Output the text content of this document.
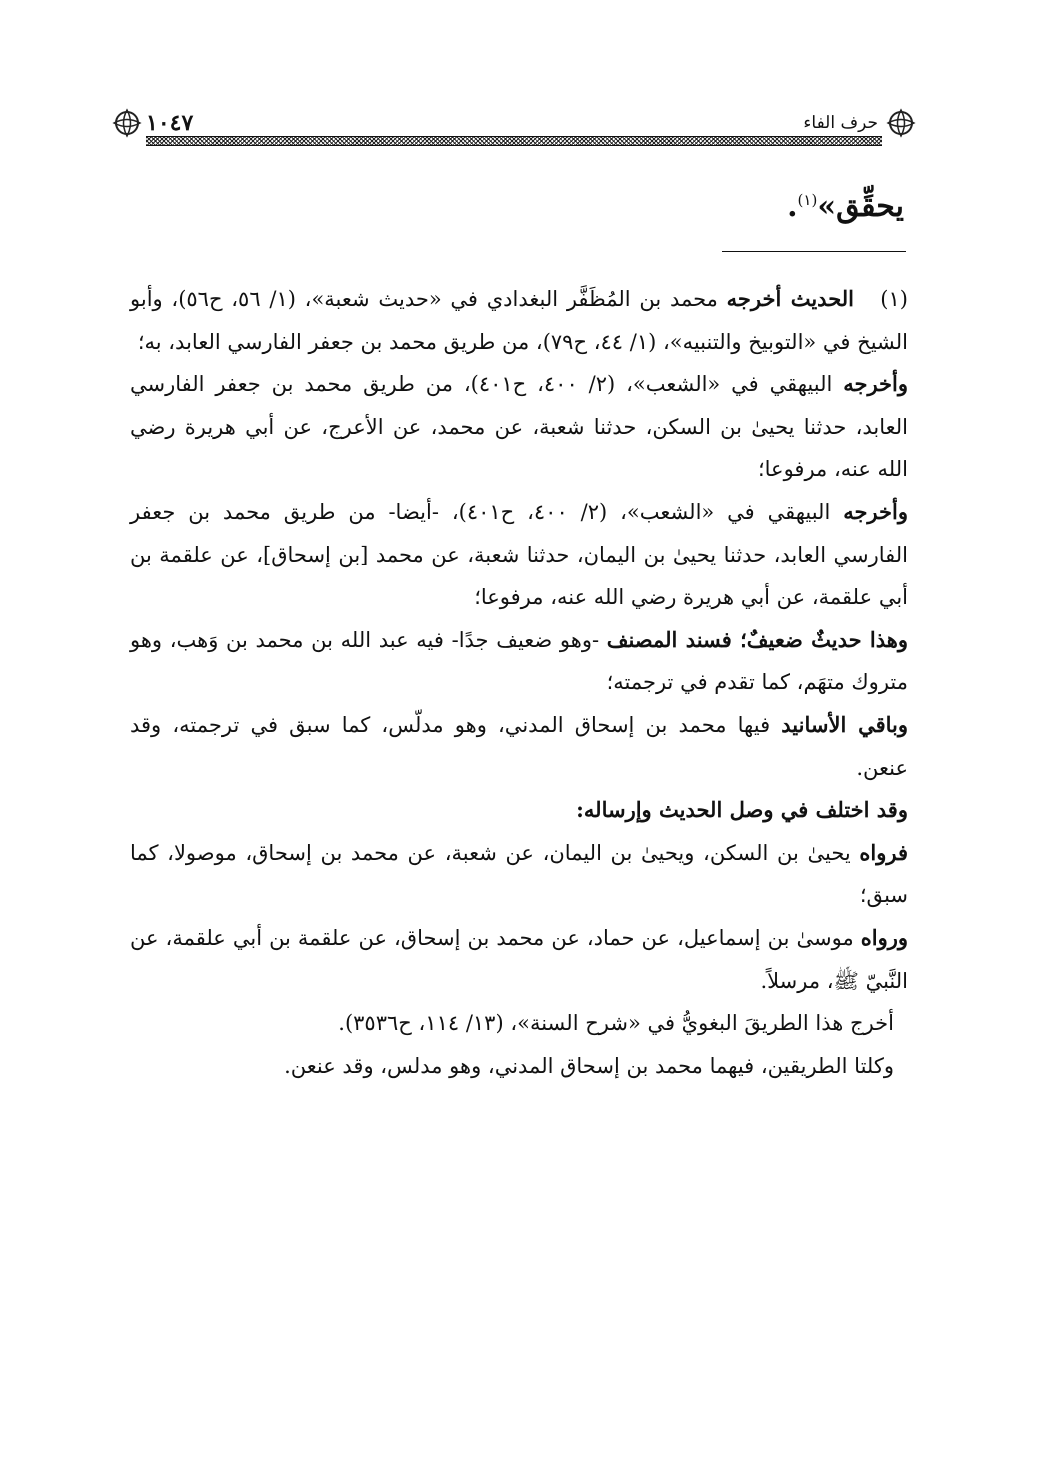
١٠٤٧	حرف الفاء
يحقِّق»$^{(١)}$.

(١)الحديث أخرجه محمد بن المُظَفَّر البغدادي في «حديث شعبة»، (١/ ٥٦، ح٥٦)، وأبو الشيخ في «التوبيخ والتنبيه»، (١/ ٤٤، ح٧٩)، من طريق محمد بن جعفر الفارسي العابد، به؛

وأخرجه البيهقي في «الشعب»، (٢/ ٤٠٠، ح٤٠١)، من طريق محمد بن جعفر الفارسي العابد، حدثنا يحيىٰ بن السكن، حدثنا شعبة، عن محمد، عن الأعرج، عن أبي هريرة رضي الله عنه، مرفوعا؛

وأخرجه البيهقي في «الشعب»، (٢/ ٤٠٠، ح٤٠١)، -أيضا- من طريق محمد بن جعفر الفارسي العابد، حدثنا يحيىٰ بن اليمان، حدثنا شعبة، عن محمد [بن إسحاق]، عن علقمة بن أبي علقمة، عن أبي هريرة رضي الله عنه، مرفوعا؛

وهذا حديثٌ ضعيفٌ؛ فسند المصنف -وهو ضعيف جدًا- فيه عبد الله بن محمد بن وَهب، وهو متروك متهَم، كما تقدم في ترجمته؛

وباقي الأسانيد فيها محمد بن إسحاق المدني، وهو مدلّس، كما سبق في ترجمته، وقد عنعن.

وقد اختلف في وصل الحديث وإرساله:

فرواه يحيىٰ بن السكن، ويحيىٰ بن اليمان، عن شعبة، عن محمد بن إسحاق، موصولا، كما سبق؛

ورواه موسىٰ بن إسماعيل، عن حماد، عن محمد بن إسحاق، عن علقمة بن أبي علقمة، عن النَّبيّ ﷺ، مرسلاً.

أخرج هذا الطريقَ البغويُّ في «شرح السنة»، (١٣/ ١١٤، ح٣٥٣٦).

وكلتا الطريقين، فيهما محمد بن إسحاق المدني، وهو مدلس، وقد عنعن.
